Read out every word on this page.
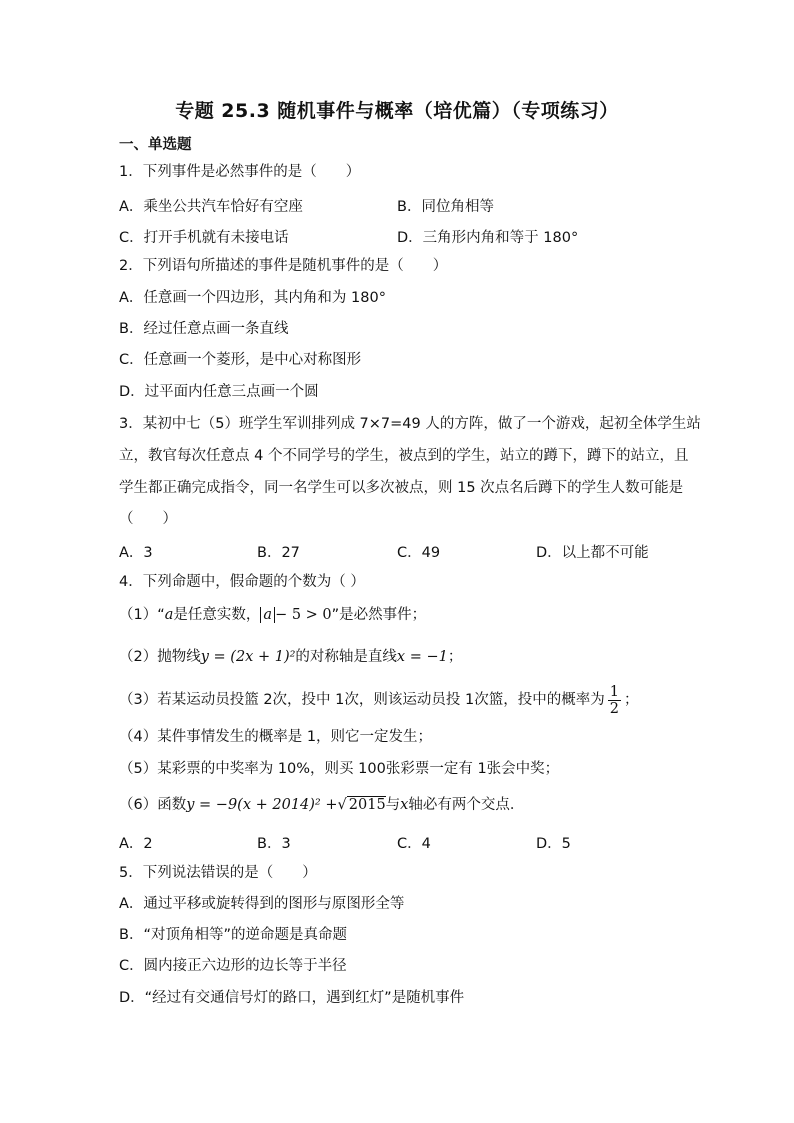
专题 25.3 随机事件与概率（培优篇）（专项练习）
一、单选题
1．下列事件是必然事件的是（　　）
A．乘坐公共汽车恰好有空座	B．同位角相等
C．打开手机就有未接电话	D．三角形内角和等于 180°
2．下列语句所描述的事件是随机事件的是（　　）
A．任意画一个四边形，其内角和为 180°
B．经过任意点画一条直线
C．任意画一个菱形，是中心对称图形
D．过平面内任意三点画一个圆
3．某初中七（5）班学生军训排列成 7×7=49 人的方阵，做了一个游戏，起初全体学生站
立，教官每次任意点 4 个不同学号的学生，被点到的学生，站立的蹲下，蹲下的站立，且
学生都正确完成指令，同一名学生可以多次被点，则 15 次点名后蹲下的学生人数可能是
（　　）
A．3	B．27	C．49	D．以上都不可能
4．下列命题中，假命题的个数为（ ）
（1）“a是任意实数， a − 5 > 0”是必然事件；
（2）抛物线y = (2x + 1)²的对称轴是直线x = −1；
（3）若某运动员投篮 2次，投中 1次，则该运动员投 1次篮，投中的概率为 $\frac{1}{2}$ ；
（4）某件事情发生的概率是 1，则它一定发生；
（5）某彩票的中奖率为 10%，则买 100张彩票一定有 1张会中奖；
（6）函数y = −9(x + 2014)² +√ 2015与x轴必有两个交点．
A．2	B．3	C．4	D．5
5．下列说法错误的是（　　）
A．通过平移或旋转得到的图形与原图形全等
B．“对顶角相等”的逆命题是真命题
C．圆内接正六边形的边长等于半径
D．“经过有交通信号灯的路口，遇到红灯”是随机事件
